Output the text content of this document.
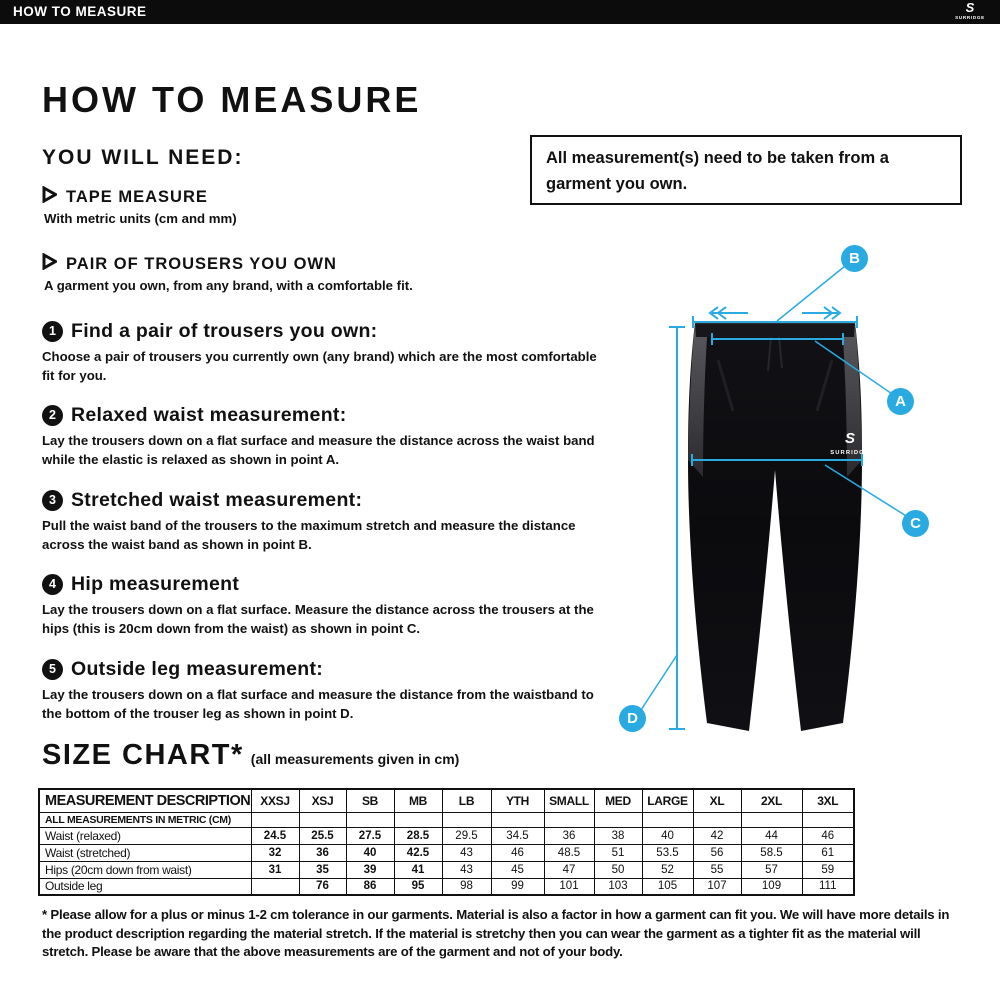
HOW TO MEASURE	S
SURRIDGE
HOW TO MEASURE
YOU WILL NEED:
TAPE MEASURE

With metric units (cm and mm)

PAIR OF TROUSERS YOU OWN

A garment you own, from any brand, with a comfortable fit.

All measurement(s) need to be taken from a garment you own.
1 Find a pair of trousers you own:

Choose a pair of trousers you currently own (any brand) which are the most comfortable fit for you.

2 Relaxed waist measurement:

Lay the trousers down on a flat surface and measure the distance across the waist band while the elastic is relaxed as shown in point A.

3 Stretched waist measurement:

Pull the waist band of the trousers to the maximum stretch and measure the distance across the waist band as shown in point B.

4 Hip measurement

Lay the trousers down on a flat surface. Measure the distance across the trousers at the hips (this is 20cm down from the waist) as shown in point C.

5 Outside leg measurement:

Lay the trousers down on a flat surface and measure the distance from the waistband to the bottom of the trouser leg as shown in point D.

S
SURRIDGE
A
B
C
D
SIZE CHART* (all measurements given in cm)
MEASUREMENT DESCRIPTION	XXSJ	XSJ	SB	MB	LB	YTH	SMALL	MED	LARGE	XL	2XL	3XL
ALL MEASUREMENTS IN METRIC (CM)												
Waist (relaxed)	24.5	25.5	27.5	28.5	29.5	34.5	36	38	40	42	44	46
Waist (stretched)	32	36	40	42.5	43	46	48.5	51	53.5	56	58.5	61
Hips (20cm down from waist)	31	35	39	41	43	45	47	50	52	55	57	59
Outside leg		76	86	95	98	99	101	103	105	107	109	111

* Please allow for a plus or minus 1-2 cm tolerance in our garments. Material is also a factor in how a garment can fit you. We will have more details in the product description regarding the material stretch. If the material is stretchy then you can wear the garment as a tighter fit as the material will stretch. Please be aware that the above measurements are of the garment and not of your body.
